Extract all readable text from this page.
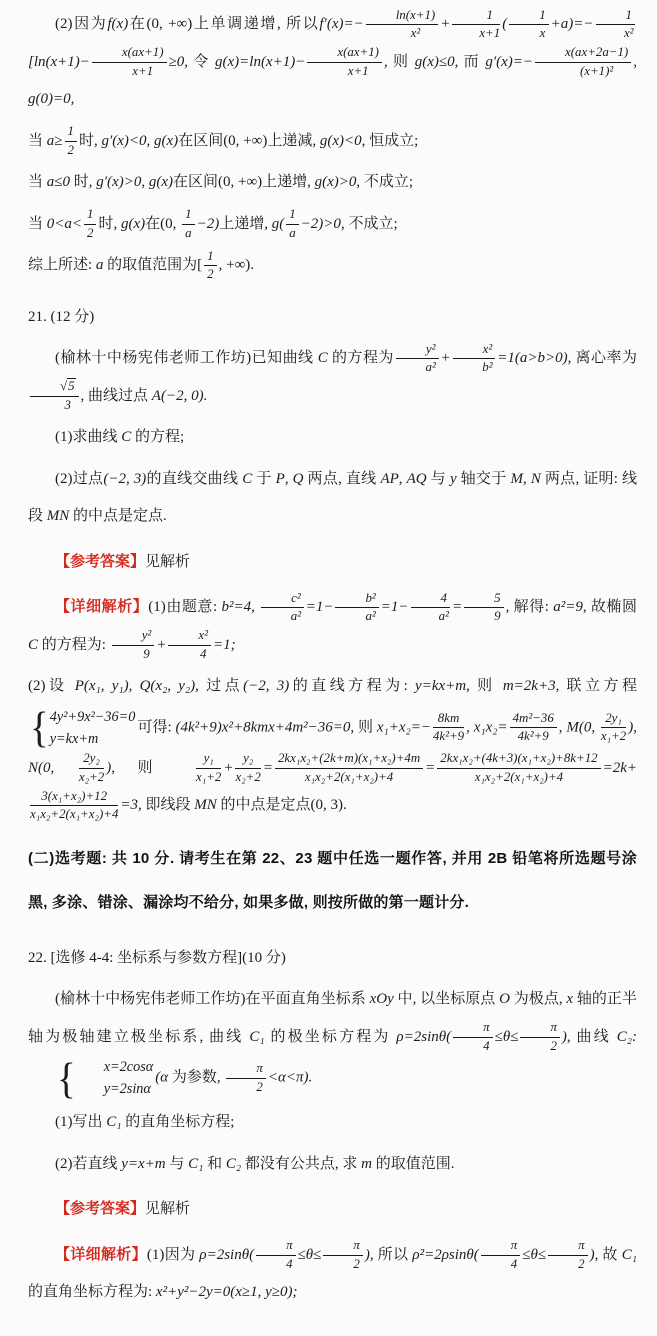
(2)因为f(x)在(0, +∞)上单调递增, 所以$f'(x)=- \frac{\ln(x+1)}{\text{x²}} + \frac{1}{x+1}$ ( $\frac{1}{x} +a)=- \frac{1}{\text{x²}}$
[$\ln(x+1)- \frac{x(ax+1)}{x+1} \ge 0$, 令 $g(x)=\ln(x+1)- \frac{x(ax+1)}{x+1}$ , 则 g(x)≤0, 而 $g'(x)=- \frac{x(ax+2a-1)}{\text{(x+1)²}}$ , g(0)=0,
当 $a\ge \frac{1}{2}$ 时, g′(x)<0, g(x)在区间(0, +∞)上递减, g(x)<0, 恒成立;
当 a≤0 时, g′(x)>0, g(x)在区间(0, +∞)上递增, g(x)>0, 不成立;
当 $0<a< \frac{1}{2}$ 时, g(x)在(0, $\frac{1}{a} -2$)上递增, $g( \frac{1}{a} -2)>0$, 不成立;
综上所述: a 的取值范围为[ $\frac{1}{2}$ , +∞).
21. (12 分)
(榆林十中杨宪伟老师工作坊)已知曲线 C 的方程为 $\frac{\text{y²}}{\text{a²}} + \frac{\text{x²}}{\text{b²}} =1(a>b>0)$, 离心率为
$\frac{√5}{3}$ , 曲线过点 A(−2, 0).
(1)求曲线 C 的方程;
(2)过点(−2, 3)的直线交曲线 C 于 P, Q 两点, 直线 AP, AQ 与 y 轴交于 M, N 两点, 证明: 线段 MN 的中点是定点.
【参考答案】见解析
【详细解析】(1)由题意: b²=4, $\frac{\text{c²}}{\text{a²}} =1- \frac{\text{b²}}{\text{a²}} =1- \frac{4}{\text{a²}} = \frac{5}{9}$ , 解得: a²=9, 故椭圆 C 的方程为: $\frac{\text{y²}}{9} + \frac{\text{x²}}{4} =1$;
(2)设 P(x₁, y₁), Q(x₂, y₂), 过点(−2, 3)的直线方程为: y=kx+m, 则 m=2k+3, 联立方程
{ 4y²+9x²−36=0
y=kx+m
可得: (4k²+9)x²+8kmx+4m²−36=0, 则 $x_1+x_2=- \frac{8km}{\text{4k²+9}}$ , $x_1x_2= \frac{\text{4m²−36}}{\text{4k²+9}}$ , M(0, $\frac{\text{2y₁}}{\text{x₁+2}}$ ), N(0, $\frac{\text{2y₂}}{\text{x₂+2}}$ ), 则 $\frac{\text{y₁}}{\text{x₁+2}} + \frac{\text{y₂}}{\text{x₂+2}} = \frac{\text{2kx₁x₂+(2k+m)(x₁+x₂)+4m}}{\text{x₁x₂+2(x₁+x₂)+4}} = \frac{\text{2kx₁x₂+(4k+3)(x₁+x₂)+8k+12}}{\text{x₁x₂+2(x₁+x₂)+4}} =2k+$
$\frac{\text{3(x₁+x₂)+12}}{\text{x₁x₂+2(x₁+x₂)+4}} =3$, 即线段 MN 的中点是定点(0, 3).
(二)选考题: 共 10 分. 请考生在第 22、23 题中任选一题作答, 并用 2B 铅笔将所选题号涂黑, 多涂、错涂、漏涂均不给分, 如果多做, 则按所做的第一题计分.
22. [选修 4-4: 坐标系与参数方程](10 分)
(榆林十中杨宪伟老师工作坊)在平面直角坐标系 xOy 中, 以坐标原点 O 为极点, x 轴的正半轴为极轴建立极坐标系, 曲线 C₁ 的极坐标方程为 $\rho=2\sin\theta( \frac{\pi}{4} \le\theta\le \frac{\pi}{2}$ ), 曲线 C₂:
{	x=2cosα
y=2sinα
(α 为参数, $\frac{\pi}{2} <\alpha<\pi$).
(1)写出 C₁ 的直角坐标方程;
(2)若直线 y=x+m 与 C₁ 和 C₂ 都没有公共点, 求 m 的取值范围.
【参考答案】见解析
【详细解析】(1)因为 $\rho=2\sin\theta( \frac{\pi}{4} \le\theta\le \frac{\pi}{2}$ ), 所以 $\rho^2=2\rho\sin\theta( \frac{\pi}{4} \le\theta\le \frac{\pi}{2}$ ), 故 C₁ 的直角坐标方程为: x²+y²−2y=0(x≥1, y≥0);
